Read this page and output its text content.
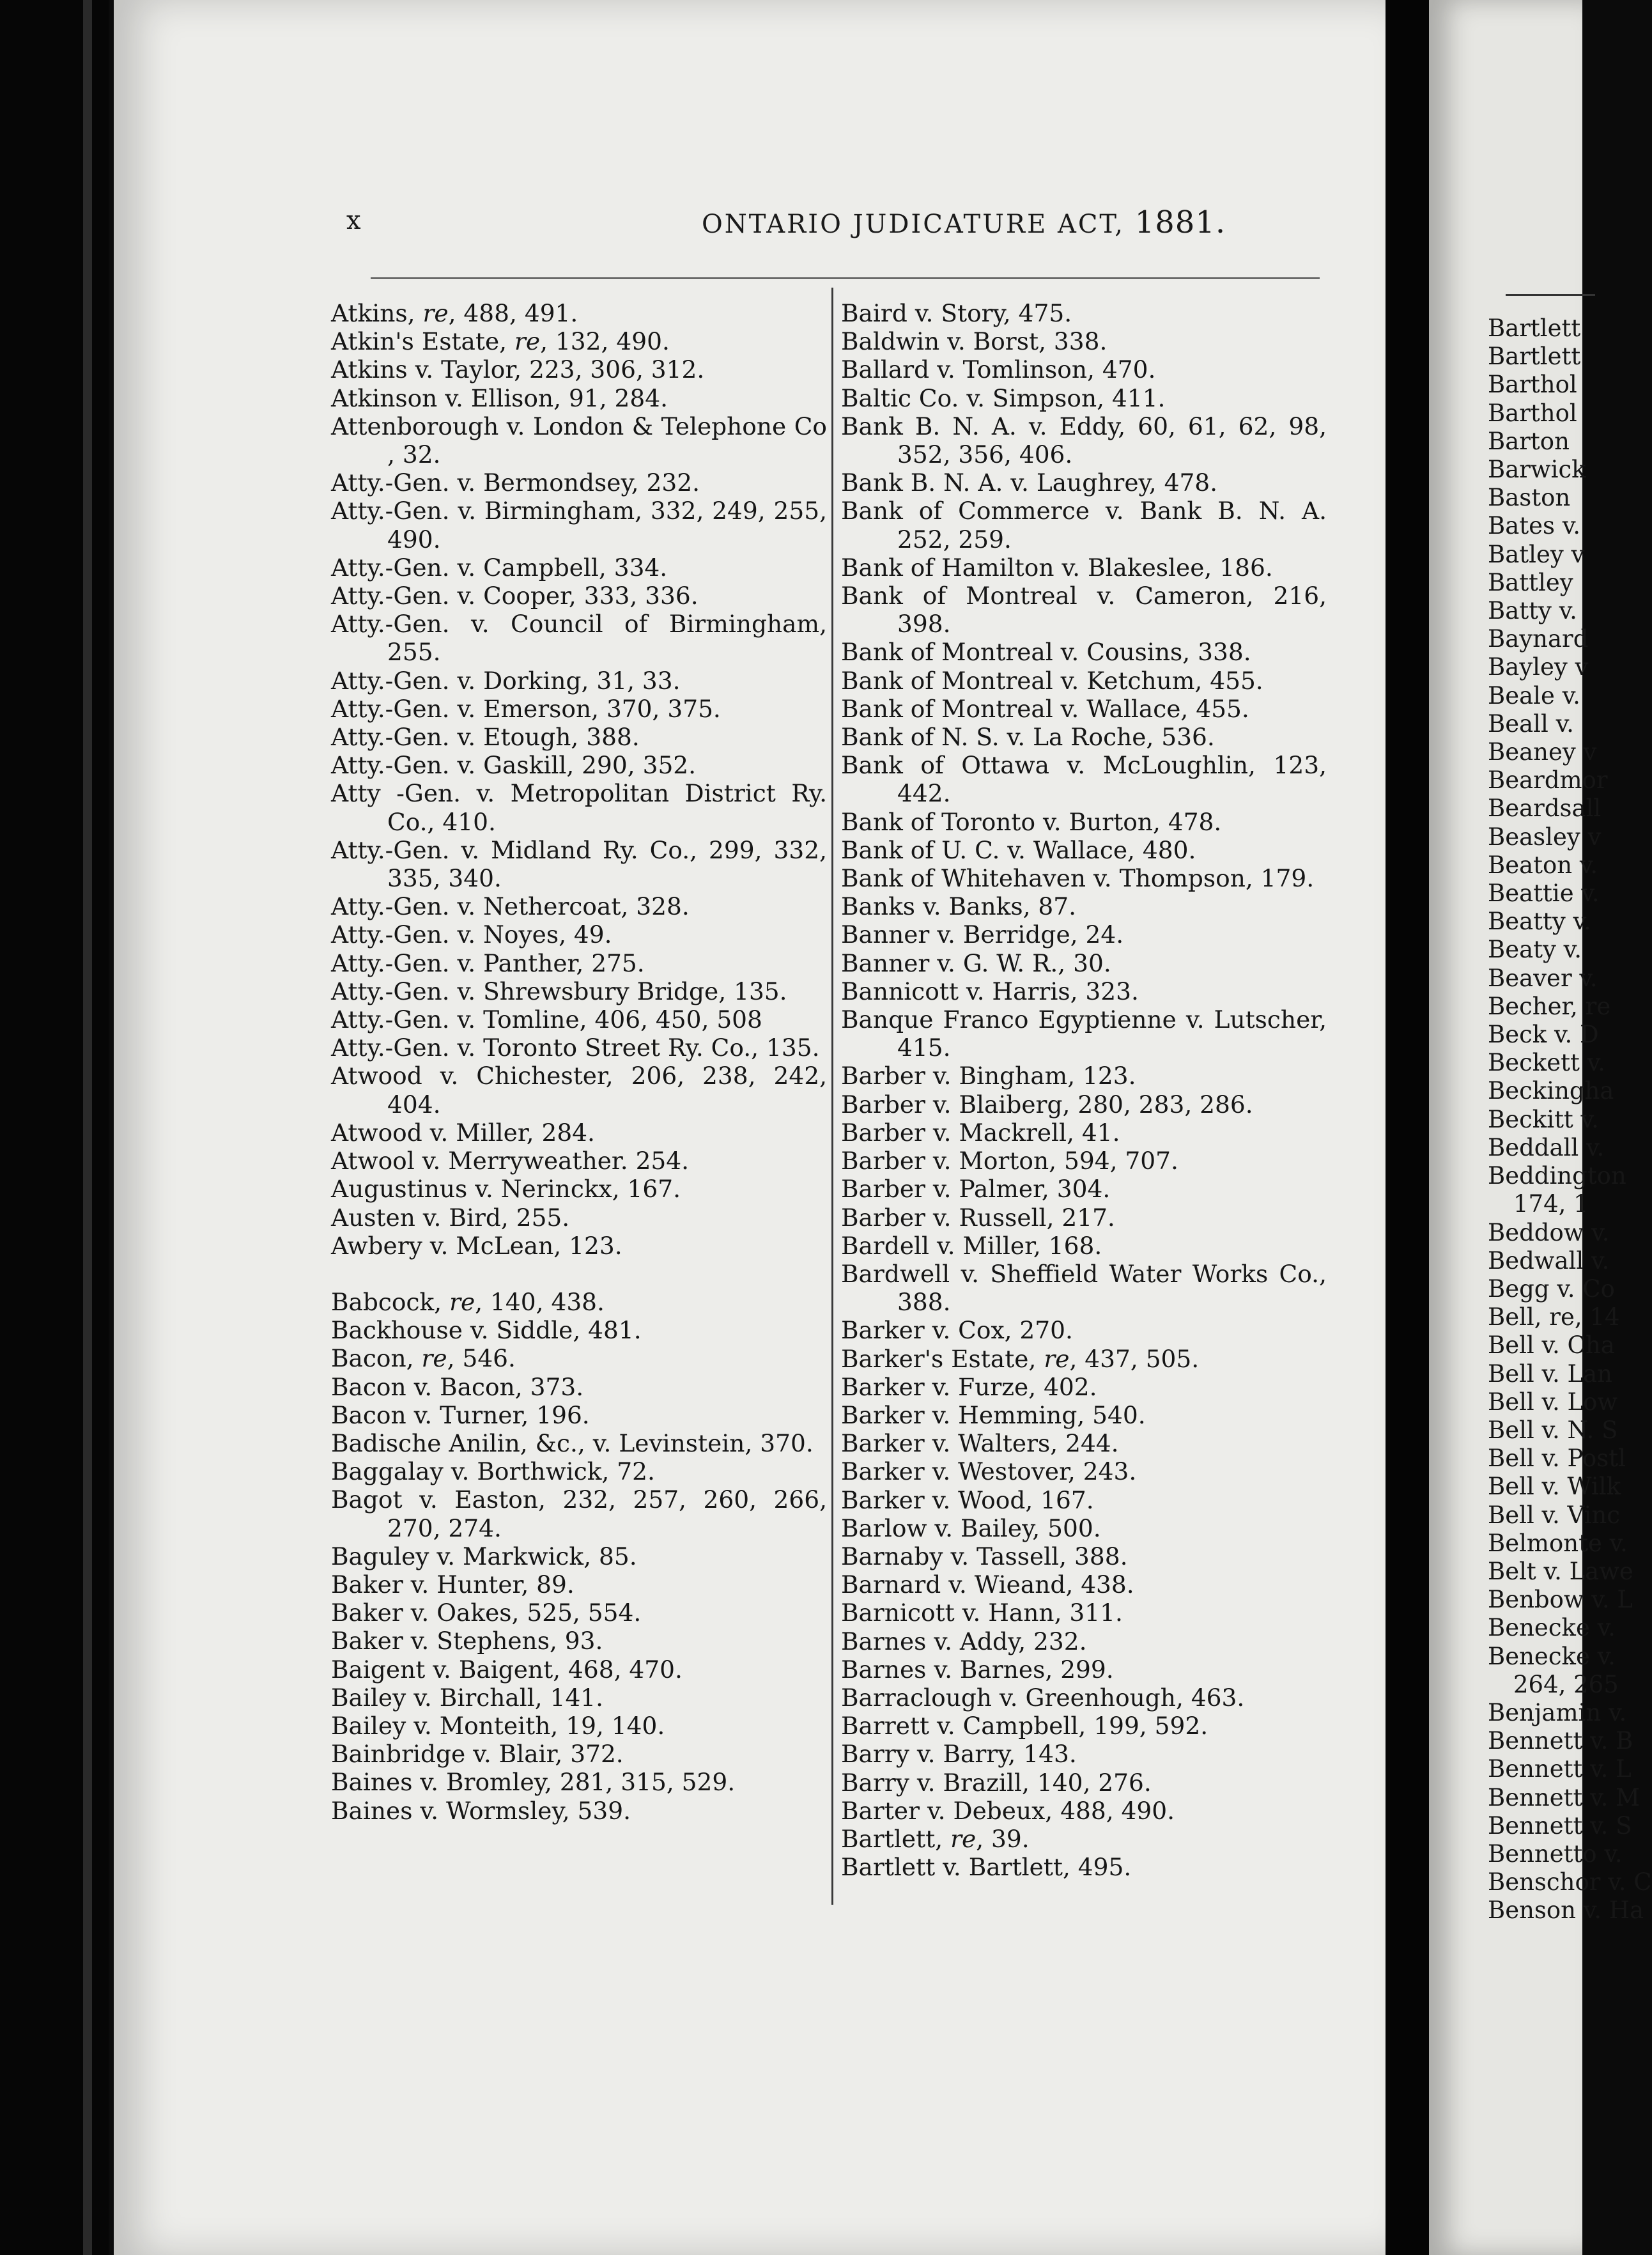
x	ONTARIO JUDICATURE ACT, 1881.
Atkins, re, 488, 491.
Atkin's Estate, re, 132, 490.
Atkins v. Taylor, 223, 306, 312.
Atkinson v. Ellison, 91, 284.
Attenborough v. London & Telephone Co , 32.
Atty.-Gen. v. Bermondsey, 232.
Atty.-Gen. v. Birmingham, 332, 249, 255, 490.
Atty.-Gen. v. Campbell, 334.
Atty.-Gen. v. Cooper, 333, 336.
Atty.-Gen. v. Council of Birmingham, 255.
Atty.-Gen. v. Dorking, 31, 33.
Atty.-Gen. v. Emerson, 370, 375.
Atty.-Gen. v. Etough, 388.
Atty.-Gen. v. Gaskill, 290, 352.
Atty -Gen. v. Metropolitan District Ry. Co., 410.
Atty.-Gen. v. Midland Ry. Co., 299, 332, 335, 340.
Atty.-Gen. v. Nethercoat, 328.
Atty.-Gen. v. Noyes, 49.
Atty.-Gen. v. Panther, 275.
Atty.-Gen. v. Shrewsbury Bridge, 135.
Atty.-Gen. v. Tomline, 406, 450, 508
Atty.-Gen. v. Toronto Street Ry. Co., 135.
Atwood v. Chichester, 206, 238, 242, 404.
Atwood v. Miller, 284.
Atwool v. Merryweather. 254.
Augustinus v. Nerinckx, 167.
Austen v. Bird, 255.
Awbery v. McLean, 123.
Babcock, re, 140, 438.
Backhouse v. Siddle, 481.
Bacon, re, 546.
Bacon v. Bacon, 373.
Bacon v. Turner, 196.
Badische Anilin, &c., v. Levinstein, 370.
Baggalay v. Borthwick, 72.
Bagot v. Easton, 232, 257, 260, 266, 270, 274.
Baguley v. Markwick, 85.
Baker v. Hunter, 89.
Baker v. Oakes, 525, 554.
Baker v. Stephens, 93.
Baigent v. Baigent, 468, 470.
Bailey v. Birchall, 141.
Bailey v. Monteith, 19, 140.
Bainbridge v. Blair, 372.
Baines v. Bromley, 281, 315, 529.
Baines v. Wormsley, 539.
Baird v. Story, 475.
Baldwin v. Borst, 338.
Ballard v. Tomlinson, 470.
Baltic Co. v. Simpson, 411.
Bank B. N. A. v. Eddy, 60, 61, 62, 98, 352, 356, 406.
Bank B. N. A. v. Laughrey, 478.
Bank of Commerce v. Bank B. N. A. 252, 259.
Bank of Hamilton v. Blakeslee, 186.
Bank of Montreal v. Cameron, 216, 398.
Bank of Montreal v. Cousins, 338.
Bank of Montreal v. Ketchum, 455.
Bank of Montreal v. Wallace, 455.
Bank of N. S. v. La Roche, 536.
Bank of Ottawa v. McLoughlin, 123, 442.
Bank of Toronto v. Burton, 478.
Bank of U. C. v. Wallace, 480.
Bank of Whitehaven v. Thompson, 179.
Banks v. Banks, 87.
Banner v. Berridge, 24.
Banner v. G. W. R., 30.
Bannicott v. Harris, 323.
Banque Franco Egyptienne v. Lutscher, 415.
Barber v. Bingham, 123.
Barber v. Blaiberg, 280, 283, 286.
Barber v. Mackrell, 41.
Barber v. Morton, 594, 707.
Barber v. Palmer, 304.
Barber v. Russell, 217.
Bardell v. Miller, 168.
Bardwell v. Sheffield Water Works Co., 388.
Barker v. Cox, 270.
Barker's Estate, re, 437, 505.
Barker v. Furze, 402.
Barker v. Hemming, 540.
Barker v. Walters, 244.
Barker v. Westover, 243.
Barker v. Wood, 167.
Barlow v. Bailey, 500.
Barnaby v. Tassell, 388.
Barnard v. Wieand, 438.
Barnicott v. Hann, 311.
Barnes v. Addy, 232.
Barnes v. Barnes, 299.
Barraclough v. Greenhough, 463.
Barrett v. Campbell, 199, 592.
Barry v. Barry, 143.
Barry v. Brazill, 140, 276.
Barter v. Debeux, 488, 490.
Bartlett, re, 39.
Bartlett v. Bartlett, 495.
Bartlett
Bartlett
Barthol
Barthol
Barton
Barwick
Baston
Bates v.
Batley v
Battley
Batty v.
Baynard
Bayley v
Beale v.
Beall v.
Beaney v
Beardmor
Beardsall
Beasley v
Beaton v.
Beattie v.
Beatty v.
Beaty v.
Beaver v.
Becher, re
Beck v. D
Beckett v.
Beckingha
Beckitt v.
Beddall v.
Beddington
174, 1
Beddow v.
Bedwall v.
Begg v. Co
Bell, re, 14
Bell v. Cha
Bell v. Lan
Bell v. Low
Bell v. N. S
Bell v. Postl
Bell v. Wilk
Bell v. Vinc
Belmonte v.
Belt v. Lawe
Benbow v. L
Benecke v.
Benecke v.
264, 265
Benjamin v.
Bennett v. B
Bennett v. L
Bennett v. M
Bennett v. S
Bennetto v.
Benschor v. C
Benson v. Ha
